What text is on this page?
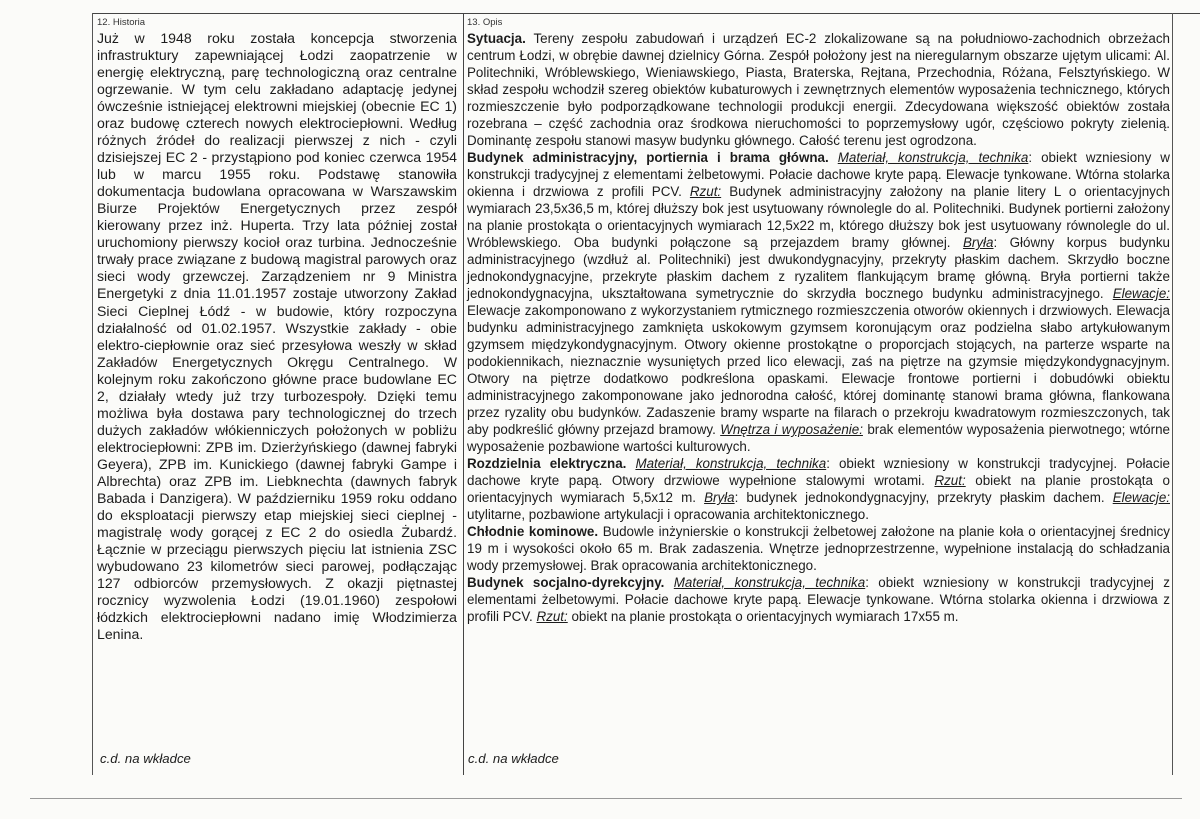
12. Historia
Już w 1948 roku została koncepcja stworzenia infrastruktury zapewniającej Łodzi zaopatrzenie w energię elektryczną, parę technologiczną oraz centralne ogrzewanie. W tym celu zakładano adaptację jedynej ówcześnie istniejącej elektrowni miejskiej (obecnie EC 1) oraz budowę czterech nowych elektrociepłowni. Według różnych źródeł do realizacji pierwszej z nich - czyli dzisiejszej EC 2 - przystąpiono pod koniec czerwca 1954 lub w marcu 1955 roku. Podstawę stanowiła dokumentacja budowlana opracowana w Warszawskim Biurze Projektów Energetycznych przez zespół kierowany przez inż. Huperta. Trzy lata później został uruchomiony pierwszy kocioł oraz turbina. Jednocześnie trwały prace związane z budową magistral parowych oraz sieci wody grzewczej. Zarządzeniem nr 9 Ministra Energetyki z dnia 11.01.1957 zostaje utworzony Zakład Sieci Cieplnej Łódź - w budowie, który rozpoczyna działalność od 01.02.1957. Wszystkie zakłady - obie elektro-ciepłownie oraz sieć przesyłowa weszły w skład Zakładów Energetycznych Okręgu Centralnego. W kolejnym roku zakończono główne prace budowlane EC 2, działały wtedy już trzy turbozespoły. Dzięki temu możliwa była dostawa pary technologicznej do trzech dużych zakładów włókienniczych położonych w pobliżu elektrociepłowni: ZPB im. Dzierżyńskiego (dawnej fabryki Geyera), ZPB im. Kunickiego (dawnej fabryki Gampe i Albrechta) oraz ZPB im. Liebknechta (dawnych fabryk Babada i Danzigera). W październiku 1959 roku oddano do eksploatacji pierwszy etap miejskiej sieci cieplnej - magistralę wody gorącej z EC 2 do osiedla Żubardź. Łącznie w przeciągu pierwszych pięciu lat istnienia ZSC wybudowano 23 kilometrów sieci parowej, podłączając 127 odbiorców przemysłowych. Z okazji piętnastej rocznicy wyzwolenia Łodzi (19.01.1960) zespołowi łódzkich elektrociepłowni nadano imię Włodzimierza Lenina.
13. Opis

Sytuacja. Tereny zespołu zabudowań i urządzeń EC-2 zlokalizowane są na południowo-zachodnich obrzeżach centrum Łodzi, w obrębie dawnej dzielnicy Górna. Zespół położony jest na nieregularnym obszarze ujętym ulicami: Al. Politechniki, Wróblewskiego, Wieniawskiego, Piasta, Braterska, Rejtana, Przechodnia, Różana, Felsztyńskiego. W skład zespołu wchodził szereg obiektów kubaturowych i zewnętrznych elementów wyposażenia technicznego, których rozmieszczenie było podporządkowane technologii produkcji energii. Zdecydowana większość obiektów została rozebrana – część zachodnia oraz środkowa nieruchomości to poprzemysłowy ugór, częściowo pokryty zielenią. Dominantę zespołu stanowi masyw budynku głównego. Całość terenu jest ogrodzona.

Budynek administracyjny, portiernia i brama główna. Materiał, konstrukcja, technika: obiekt wzniesiony w konstrukcji tradycyjnej z elementami żelbetowymi. Połacie dachowe kryte papą. Elewacje tynkowane. Wtórna stolarka okienna i drzwiowa z profili PCV. Rzut: Budynek administracyjny założony na planie litery L o orientacyjnych wymiarach 23,5x36,5 m, której dłuższy bok jest usytuowany równolegle do al. Politechniki. Budynek portierni założony na planie prostokąta o orientacyjnych wymiarach 12,5x22 m, którego dłuższy bok jest usytuowany równolegle do ul. Wróblewskiego. Oba budynki połączone są przejazdem bramy głównej. Bryła: Główny korpus budynku administracyjnego (wzdłuż al. Politechniki) jest dwukondygnacyjny, przekryty płaskim dachem. Skrzydło boczne jednokondygnacyjne, przekryte płaskim dachem z ryzalitem flankującym bramę główną. Bryła portierni także jednokondygnacyjna, ukształtowana symetrycznie do skrzydła bocznego budynku administracyjnego. Elewacje: Elewacje zakomponowano z wykorzystaniem rytmicznego rozmieszczenia otworów okiennych i drzwiowych. Elewacja budynku administracyjnego zamknięta uskokowym gzymsem koronującym oraz podzielna słabo artykułowanym gzymsem międzykondygnacyjnym. Otwory okienne prostokątne o proporcjach stojących, na parterze wsparte na podokiennikach, nieznacznie wysuniętych przed lico elewacji, zaś na piętrze na gzymsie międzykondygnacyjnym. Otwory na piętrze dodatkowo podkreślona opaskami. Elewacje frontowe portierni i dobudówki obiektu administracyjnego zakomponowane jako jednorodna całość, której dominantę stanowi brama główna, flankowana przez ryzality obu budynków. Zadaszenie bramy wsparte na filarach o przekroju kwadratowym rozmieszczonych, tak aby podkreślić główny przejazd bramowy. Wnętrza i wyposażenie: brak elementów wyposażenia pierwotnego; wtórne wyposażenie pozbawione wartości kulturowych.

Rozdzielnia elektryczna. Materiał, konstrukcja, technika: obiekt wzniesiony w konstrukcji tradycyjnej. Połacie dachowe kryte papą. Otwory drzwiowe wypełnione stalowymi wrotami. Rzut: obiekt na planie prostokąta o orientacyjnych wymiarach 5,5x12 m. Bryła: budynek jednokondygnacyjny, przekryty płaskim dachem. Elewacje: utylitarne, pozbawione artykulacji i opracowania architektonicznego.

Chłodnie kominowe. Budowle inżynierskie o konstrukcji żelbetowej założone na planie koła o orientacyjnej średnicy 19 m i wysokości około 65 m. Brak zadaszenia. Wnętrze jednoprzestrzenne, wypełnione instalacją do schładzania wody przemysłowej. Brak opracowania architektonicznego.

Budynek socjalno-dyrekcyjny. Materiał, konstrukcja, technika: obiekt wzniesiony w konstrukcji tradycyjnej z elementami żelbetowymi. Połacie dachowe kryte papą. Elewacje tynkowane. Wtórna stolarka okienna i drzwiowa z profili PCV. Rzut: obiekt na planie prostokąta o orientacyjnych wymiarach 17x55 m.

c.d. na wkładce	c.d. na wkładce
